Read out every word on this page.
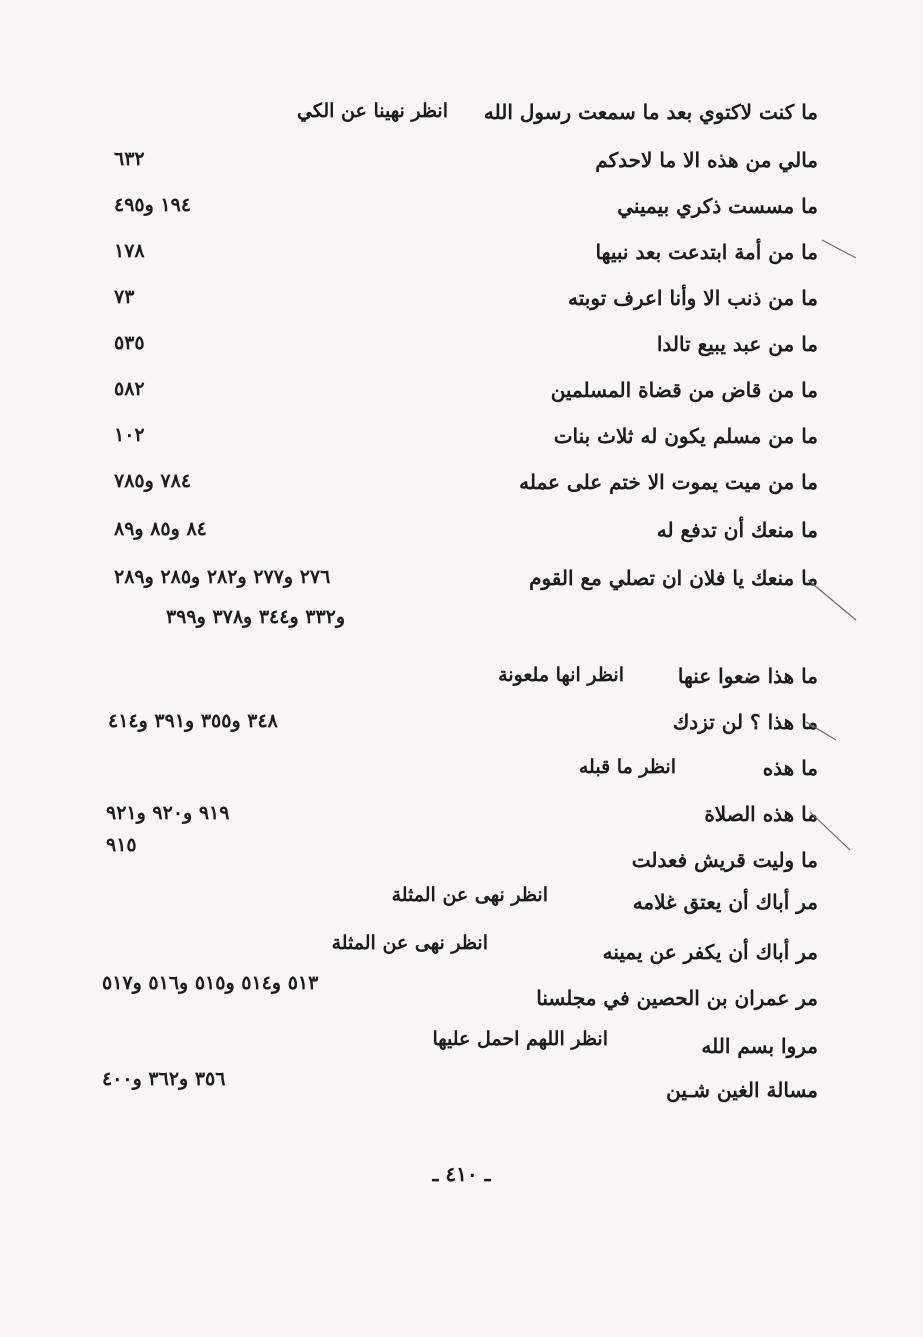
ما كنت لاكتوي بعد ما سمعت رسول الله
انظر نهينا عن الكي
مالي من هذه الا ما لاحدكم
٦٣٢
ما مسست ذكري بيميني
١٩٤ و٤٩٥
ما من أمة ابتدعت بعد نبيها
١٧٨
ما من ذنب الا وأنا اعرف توبته
٧٣
ما من عبد يبيع تالدا
٥٣٥
ما من قاض من قضاة المسلمين
٥٨٢
ما من مسلم يكون له ثلاث بنات
١٠٢
ما من ميت يموت الا ختم على عمله
٧٨٤ و٧٨٥
ما منعك أن تدفع له
٨٤ و٨٥ و٨٩
ما منعك يا فلان ان تصلي مع القوم
٢٧٦ و٢٧٧ و٢٨٢ و٢٨٥ و٢٨٩
و٣٣٢ و٣٤٤ و٣٧٨ و٣٩٩
ما هذا ضعوا عنها
انظر انها ملعونة
ما هذا ؟ لن تزدك
٣٤٨ و٣٥٥ و٣٩١ و٤١٤
ما هذه
انظر ما قبله
ما هذه الصلاة
٩١٩ و٩٢٠ و٩٢١
ما وليت قريش فعدلت
٩١٥
مر أباك أن يعتق غلامه
انظر نهى عن المثلة
مر أباك أن يكفر عن يمينه
انظر نهى عن المثلة
مر عمران بن الحصين في مجلسنا
٥١٣ و٥١٤ و٥١٥ و٥١٦ و٥١٧
مروا بسم الله
انظر اللهم احمل عليها
مسالة الغين شـين
٣٥٦ و٣٦٢ و٤٠٠
ـ ٤١٠ ـ
